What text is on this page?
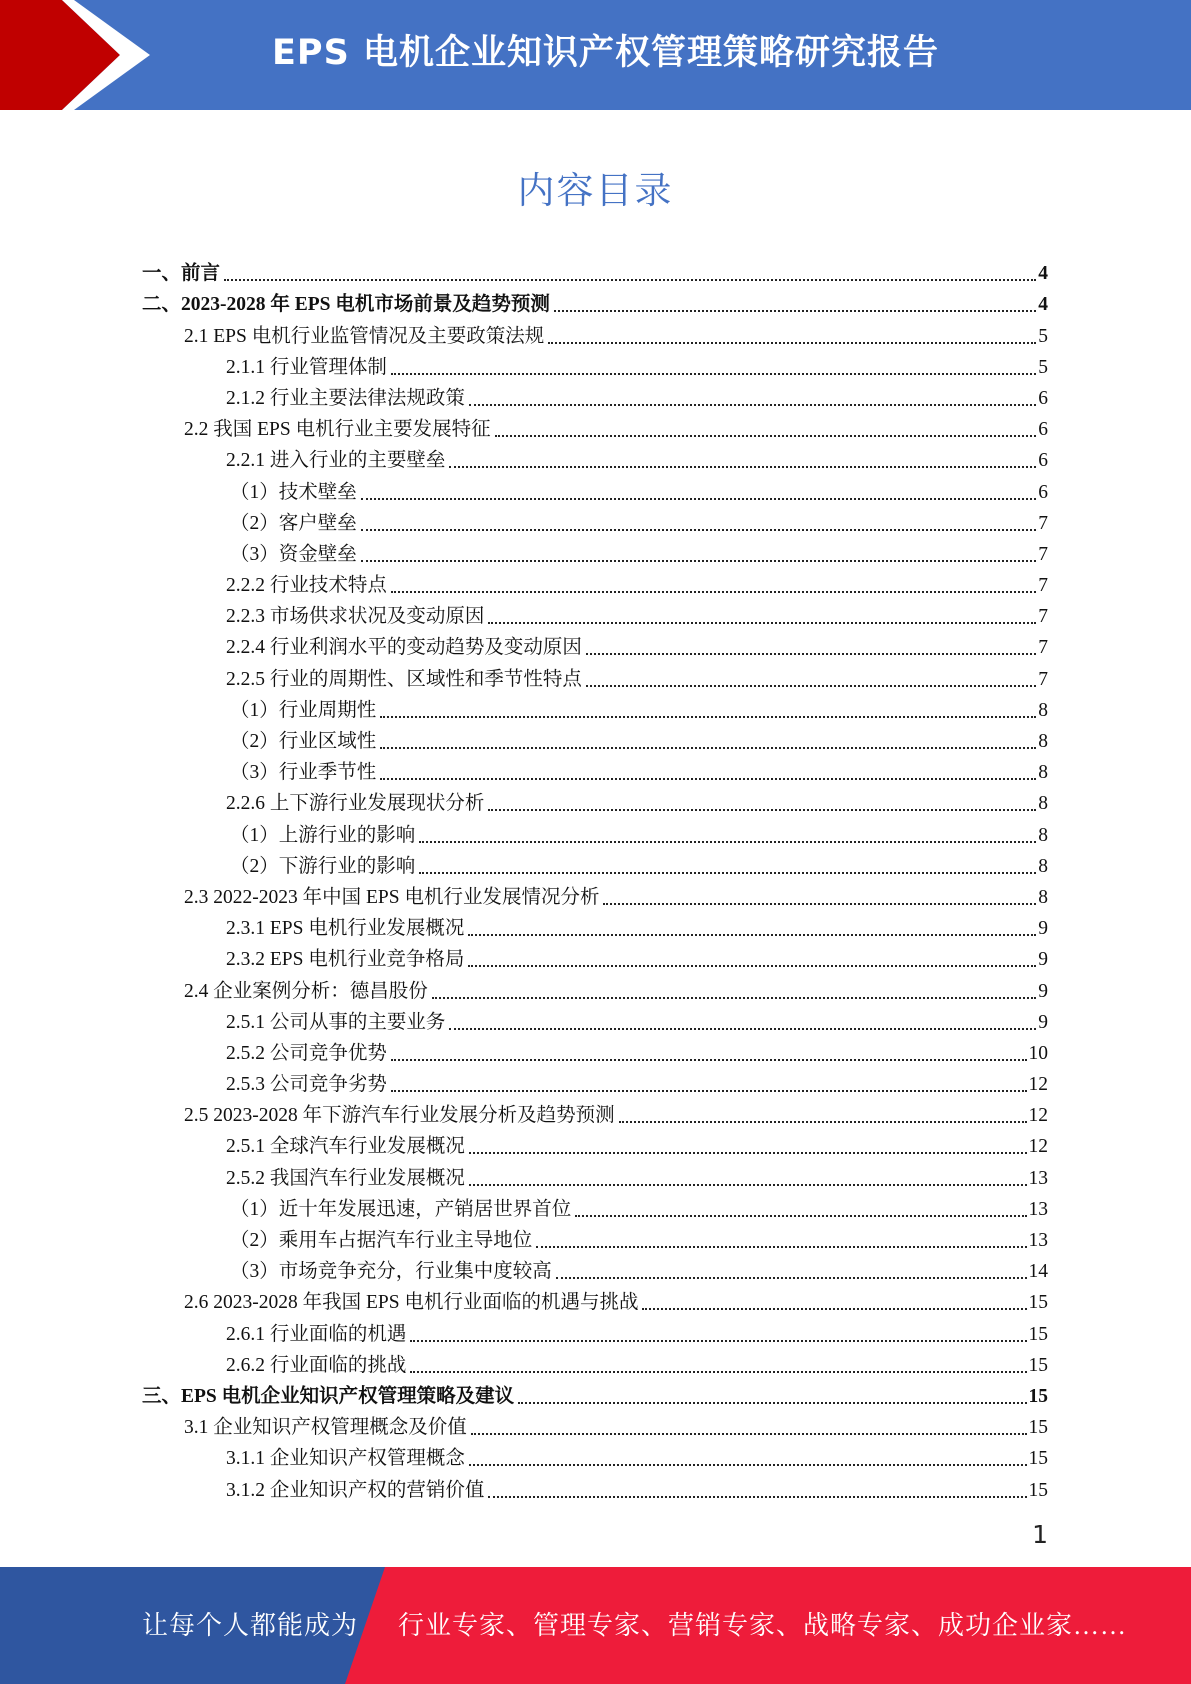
EPS 电机企业知识产权管理策略研究报告
内容目录
一、前言	4
二、2023-2028 年 EPS 电机市场前景及趋势预测	4
2.1 EPS 电机行业监管情况及主要政策法规	5
2.1.1 行业管理体制	5
2.1.2 行业主要法律法规政策	6
2.2 我国 EPS 电机行业主要发展特征	6
2.2.1 进入行业的主要壁垒	6
（1）技术壁垒	6
（2）客户壁垒	7
（3）资金壁垒	7
2.2.2 行业技术特点	7
2.2.3 市场供求状况及变动原因	7
2.2.4 行业利润水平的变动趋势及变动原因	7
2.2.5 行业的周期性、区域性和季节性特点	7
（1）行业周期性	8
（2）行业区域性	8
（3）行业季节性	8
2.2.6 上下游行业发展现状分析	8
（1）上游行业的影响	8
（2）下游行业的影响	8
2.3 2022-2023 年中国 EPS 电机行业发展情况分析	8
2.3.1 EPS 电机行业发展概况	9
2.3.2 EPS 电机行业竞争格局	9
2.4 企业案例分析：德昌股份	9
2.5.1 公司从事的主要业务	9
2.5.2 公司竞争优势	10
2.5.3 公司竞争劣势	12
2.5 2023-2028 年下游汽车行业发展分析及趋势预测	12
2.5.1 全球汽车行业发展概况	12
2.5.2 我国汽车行业发展概况	13
（1）近十年发展迅速，产销居世界首位	13
（2）乘用车占据汽车行业主导地位	13
（3）市场竞争充分，行业集中度较高	14
2.6 2023-2028 年我国 EPS 电机行业面临的机遇与挑战	15
2.6.1 行业面临的机遇	15
2.6.2 行业面临的挑战	15
三、EPS 电机企业知识产权管理策略及建议	15
3.1 企业知识产权管理概念及价值	15
3.1.1 企业知识产权管理概念	15
3.1.2 企业知识产权的营销价值	15
1
让每个人都能成为 行业专家、管理专家、营销专家、战略专家、成功企业家……
